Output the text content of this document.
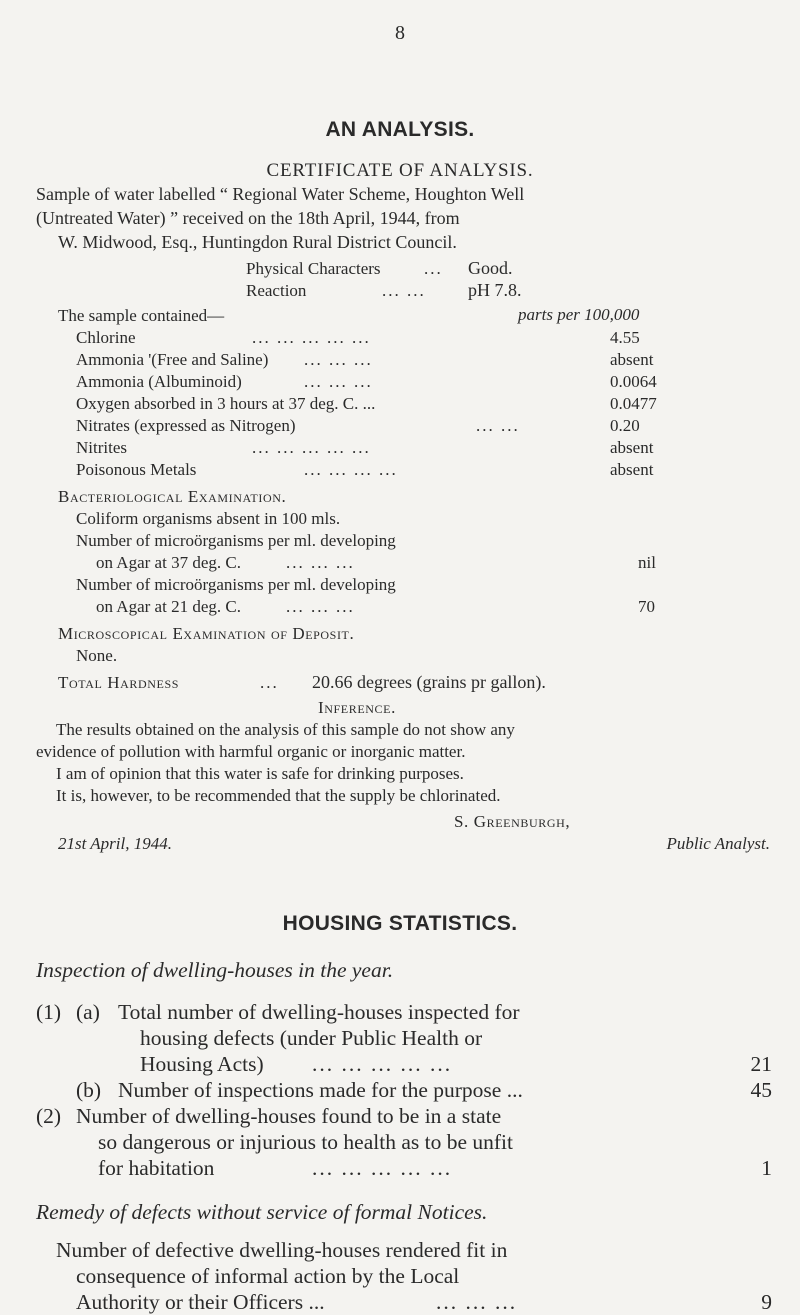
8
AN ANALYSIS.
CERTIFICATE OF ANALYSIS.
Sample of water labelled “ Regional Water Scheme, Houghton Well
(Untreated Water) ” received on the 18th April, 1944, from
W. Midwood, Esq., Huntingdon Rural District Council.
Physical Characters	... Good.
Reaction	... ... pH 7.8.
The sample contained—	parts per 100,000
Chlorine	... ... ... ... ...	4.55
Ammonia '(Free and Saline) ... ... ...	absent
Ammonia (Albuminoid)	... ... ...	0.0064
Oxygen absorbed in 3 hours at 37 deg. C. ...	0.0477
Nitrates (expressed as Nitrogen)	... ...	0.20
Nitrites	... ... ... ... ...	absent
Poisonous Metals	... ... ... ...	absent
Bacteriological Examination.
Coliform organisms absent in 100 mls.
Number of microörganisms per ml. developing
on Agar at 37 deg. C.	... ... ...	nil
Number of microörganisms per ml. developing
on Agar at 21 deg. C.	... ... ...	70
Microscopical Examination of Deposit.
None.
Total Hardness	... 20.66 degrees (grains pr gallon).
Inference.
The results obtained on the analysis of this sample do not show any
evidence of pollution with harmful organic or inorganic matter.
I am of opinion that this water is safe for drinking purposes.
It is, however, to be recommended that the supply be chlorinated.
S. Greenburgh,
21st April, 1944.	Public Analyst.
HOUSING STATISTICS.
Inspection of dwelling-houses in the year.
(1) (a) Total number of dwelling-houses inspected for
housing defects (under Public Health or
Housing Acts) ... ... ... ... ...	21
(b) Number of inspections made for the purpose ...	45
(2) Number of dwelling-houses found to be in a state
so dangerous or injurious to health as to be unfit
for habitation	... ... ... ... ...	1
Remedy of defects without service of formal Notices.
Number of defective dwelling-houses rendered fit in
consequence of informal action by the Local
Authority or their Officers ...	... ... ...	9
